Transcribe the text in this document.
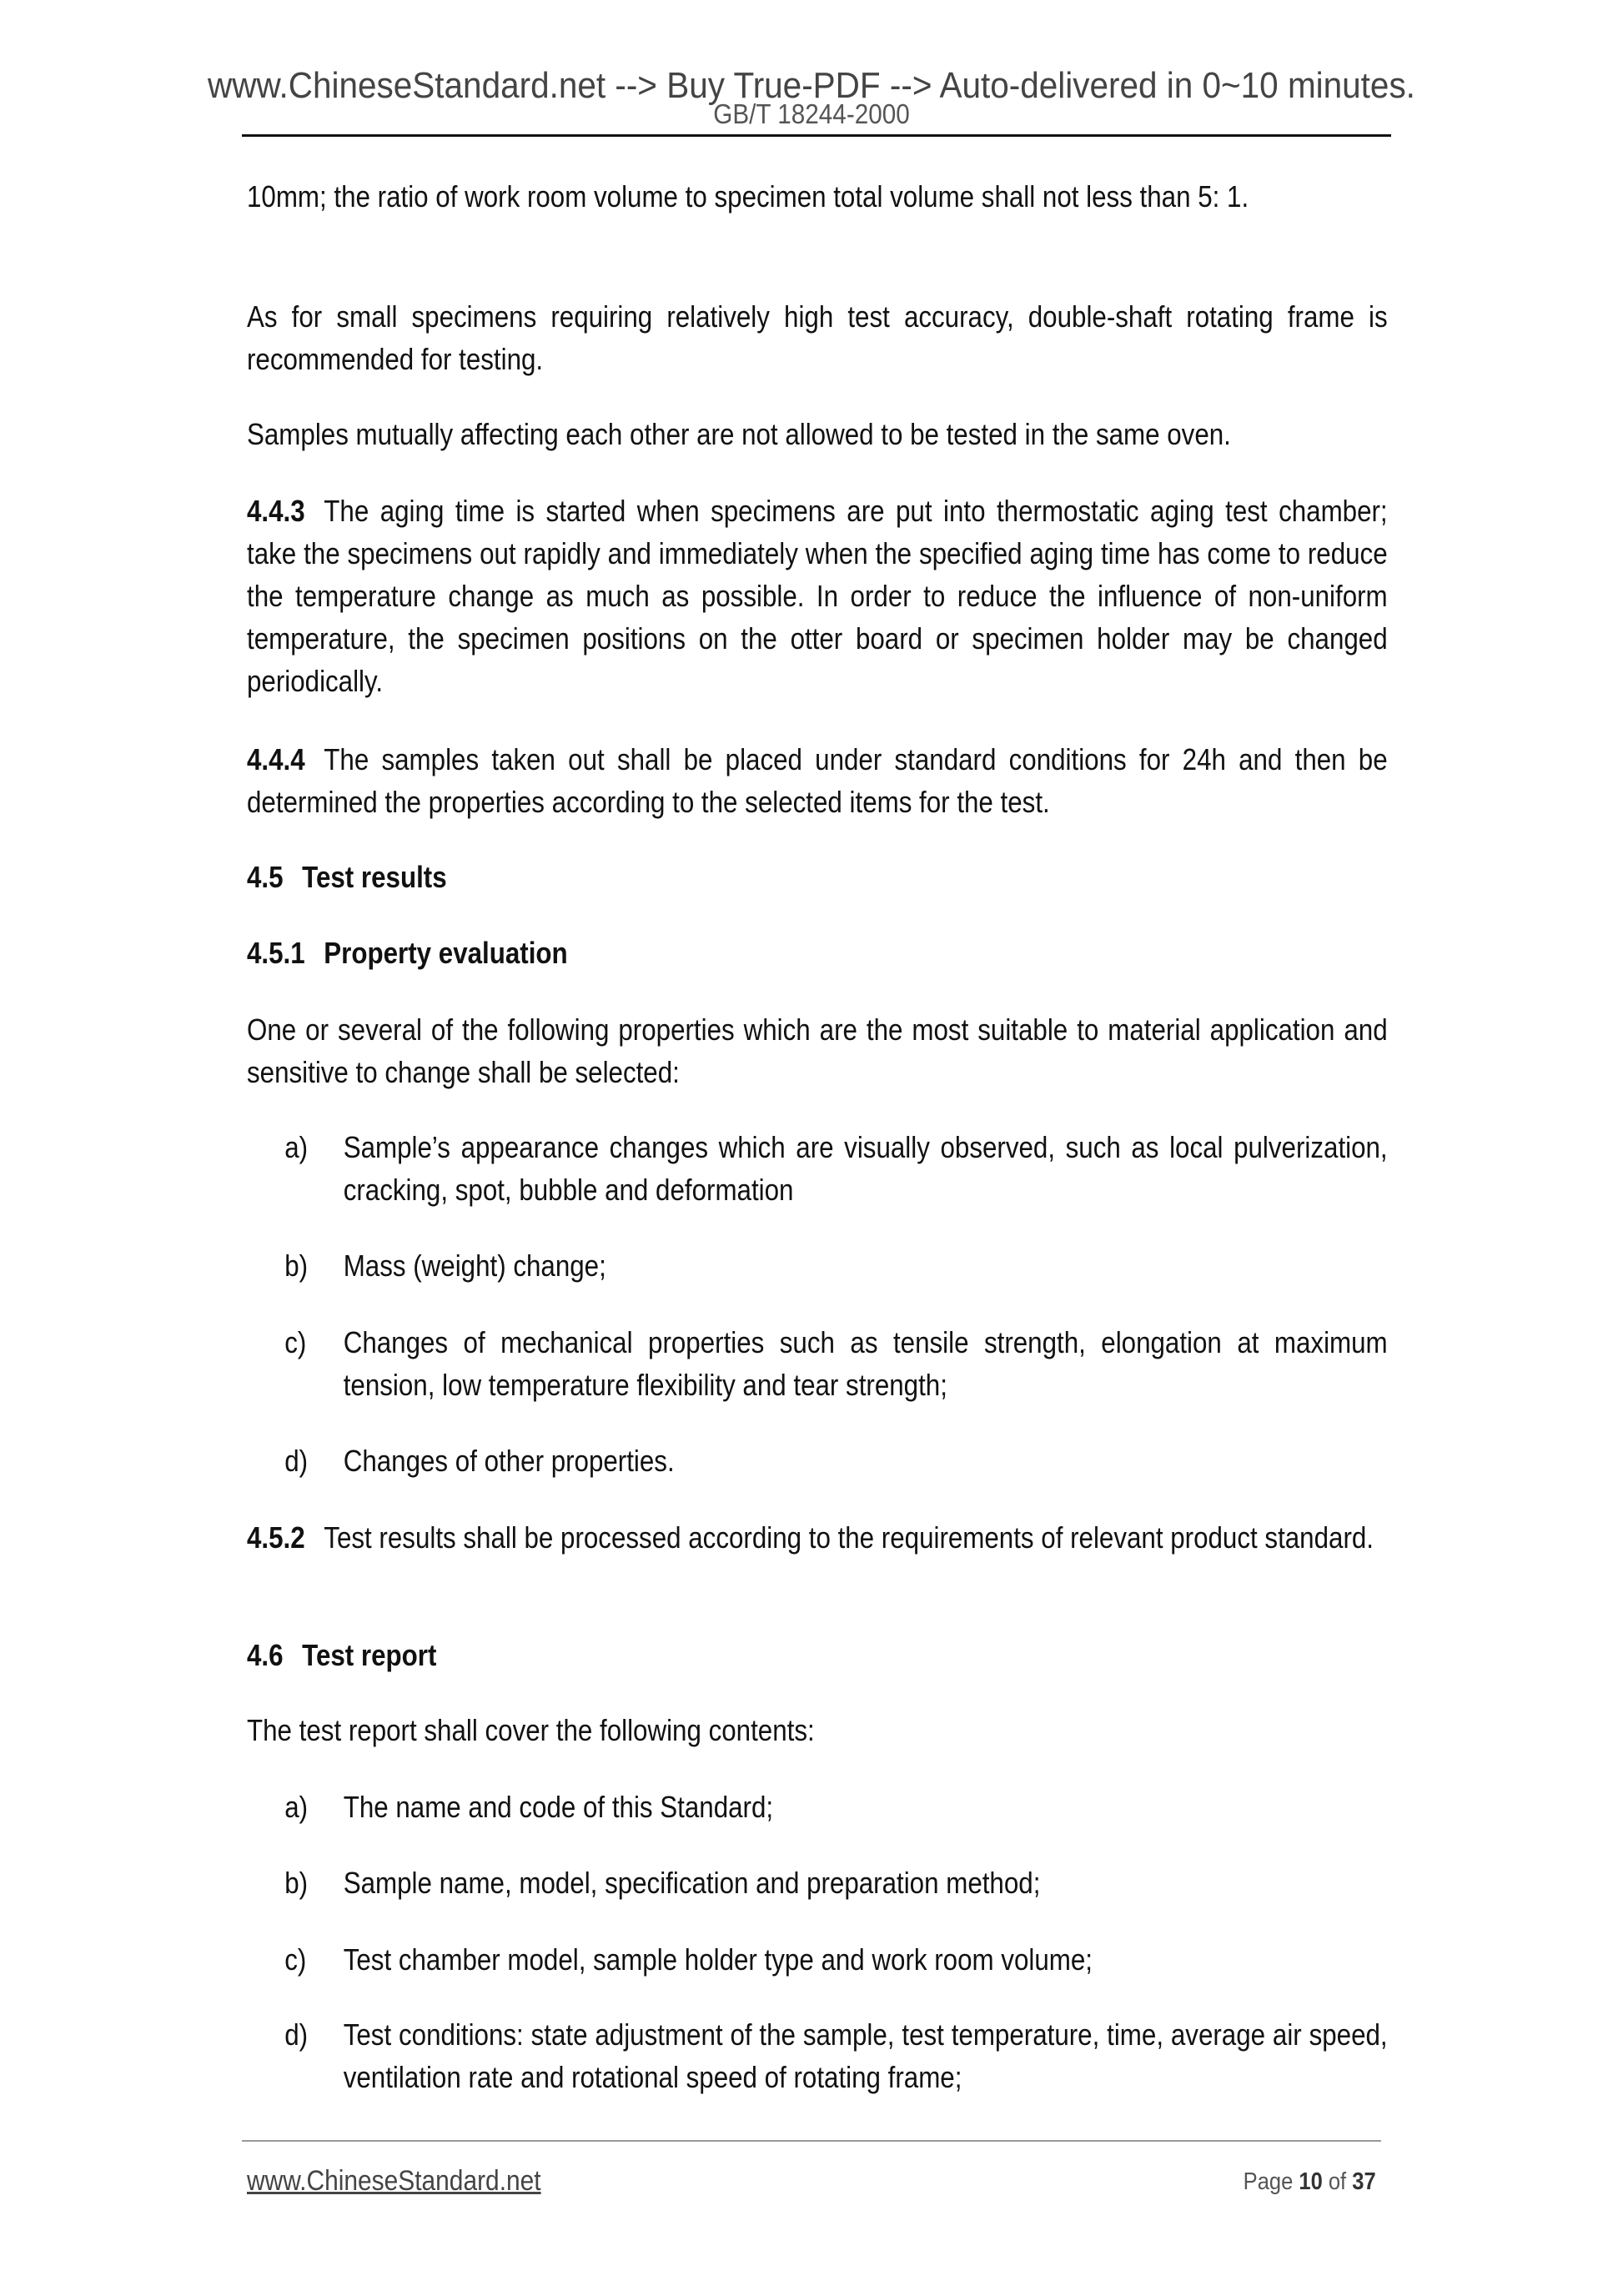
www.ChineseStandard.net --> Buy True-PDF --> Auto-delivered in 0~10 minutes.
GB/T 18244-2000
10mm; the ratio of work room volume to specimen total volume shall not less than 5: 1.
As for small specimens requiring relatively high test accuracy, double-shaft rotating frame is recommended for testing.
Samples mutually affecting each other are not allowed to be tested in the same oven.
4.4.3 The aging time is started when specimens are put into thermostatic aging test chamber; take the specimens out rapidly and immediately when the specified aging time has come to reduce the temperature change as much as possible. In order to reduce the influence of non-uniform temperature, the specimen positions on the otter board or specimen holder may be changed periodically.
4.4.4 The samples taken out shall be placed under standard conditions for 24h and then be determined the properties according to the selected items for the test.
4.5 Test results
4.5.1 Property evaluation
One or several of the following properties which are the most suitable to material application and sensitive to change shall be selected:
a) Sample’s appearance changes which are visually observed, such as local pulverization, cracking, spot, bubble and deformation
b) Mass (weight) change;
c) Changes of mechanical properties such as tensile strength, elongation at maximum tension, low temperature flexibility and tear strength;
d) Changes of other properties.
4.5.2 Test results shall be processed according to the requirements of relevant product standard.
4.6 Test report
The test report shall cover the following contents:
a) The name and code of this Standard;
b) Sample name, model, specification and preparation method;
c) Test chamber model, sample holder type and work room volume;
d) Test conditions: state adjustment of the sample, test temperature, time, average air speed, ventilation rate and rotational speed of rotating frame;
www.ChineseStandard.net	Page 10 of 37
